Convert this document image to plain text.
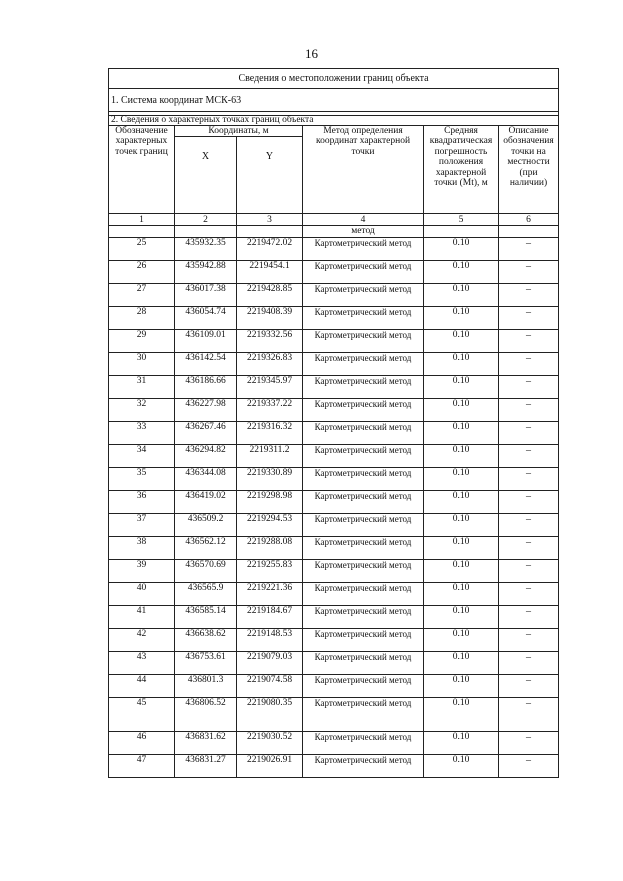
16
Сведения о местоположении границ объекта					
1. Система координат МСК-63					

2. Сведения о характерных точках границ объекта					
Обозначение характерных точек границ	Координаты, м		Метод определения координат характерной точки	Средняя квадратическая погрешность положения характерной точки (Mt), м	Описание обозначения точки на местности (при наличии)
	X	Y			
1	2	3	4	5	6
			метод		
25	435932.35	2219472.02	Картометрический метод	0.10	–
26	435942.88	2219454.1	Картометрический метод	0.10	–
27	436017.38	2219428.85	Картометрический метод	0.10	–
28	436054.74	2219408.39	Картометрический метод	0.10	–
29	436109.01	2219332.56	Картометрический метод	0.10	–
30	436142.54	2219326.83	Картометрический метод	0.10	–
31	436186.66	2219345.97	Картометрический метод	0.10	–
32	436227.98	2219337.22	Картометрический метод	0.10	–
33	436267.46	2219316.32	Картометрический метод	0.10	–
34	436294.82	2219311.2	Картометрический метод	0.10	–
35	436344.08	2219330.89	Картометрический метод	0.10	–
36	436419.02	2219298.98	Картометрический метод	0.10	–
37	436509.2	2219294.53	Картометрический метод	0.10	–
38	436562.12	2219288.08	Картометрический метод	0.10	–
39	436570.69	2219255.83	Картометрический метод	0.10	–
40	436565.9	2219221.36	Картометрический метод	0.10	–
41	436585.14	2219184.67	Картометрический метод	0.10	–
42	436638.62	2219148.53	Картометрический метод	0.10	–
43	436753.61	2219079.03	Картометрический метод	0.10	–
44	436801.3	2219074.58	Картометрический метод	0.10	–
45	436806.52	2219080.35	Картометрический метод	0.10	–
46	436831.62	2219030.52	Картометрический метод	0.10	–
47	436831.27	2219026.91	Картометрический метод	0.10	–
